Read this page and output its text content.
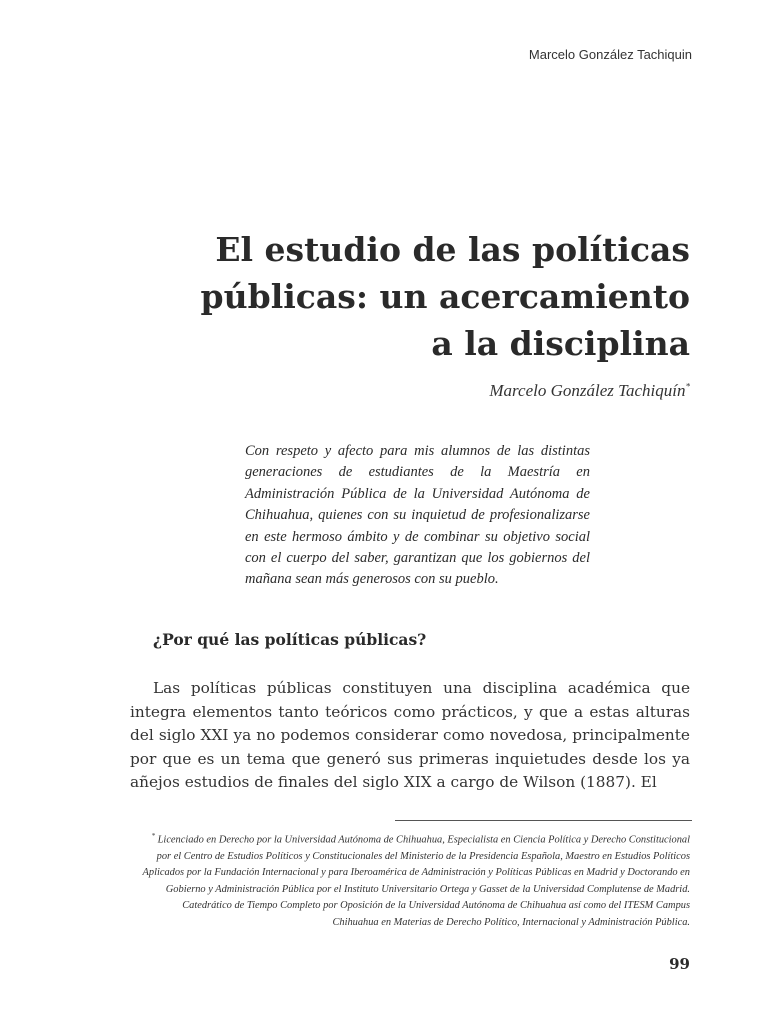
Marcelo González Tachiquin
El estudio de las políticas
públicas: un acercamiento
a la disciplina
Marcelo González Tachiquín*

Con respeto y afecto para mis alumnos de las distintas generaciones de estudiantes de la Maestría en Administración Pública de la Universidad Autónoma de Chihuahua, quienes con su inquietud de profesionalizarse en este hermoso ámbito y de combinar su objetivo social con el cuerpo del saber, garantizan que los gobiernos del mañana sean más generosos con su pueblo.

¿Por qué las políticas públicas?

Las políticas públicas constituyen una disciplina académica que integra elementos tanto teóricos como prácticos, y que a estas alturas del siglo XXI ya no podemos considerar como novedosa, principalmente por que es un tema que generó sus primeras inquietudes desde los ya añejos estudios de finales del siglo XIX a cargo de Wilson (1887). El

* Licenciado en Derecho por la Universidad Autónoma de Chihuahua, Especialista en Ciencia Política y Derecho Constitucional por el Centro de Estudios Políticos y Constitucionales del Ministerio de la Presidencia Española, Maestro en Estudios Políticos Aplicados por la Fundación Internacional y para Iberoamérica de Administración y Políticas Públicas en Madrid y Doctorando en Gobierno y Administración Pública por el Instituto Universitario Ortega y Gasset de la Universidad Complutense de Madrid. Catedrático de Tiempo Completo por Oposición de la Universidad Autónoma de Chihuahua así como del ITESM Campus Chihuahua en Materias de Derecho Político, Internacional y Administración Pública.

99
